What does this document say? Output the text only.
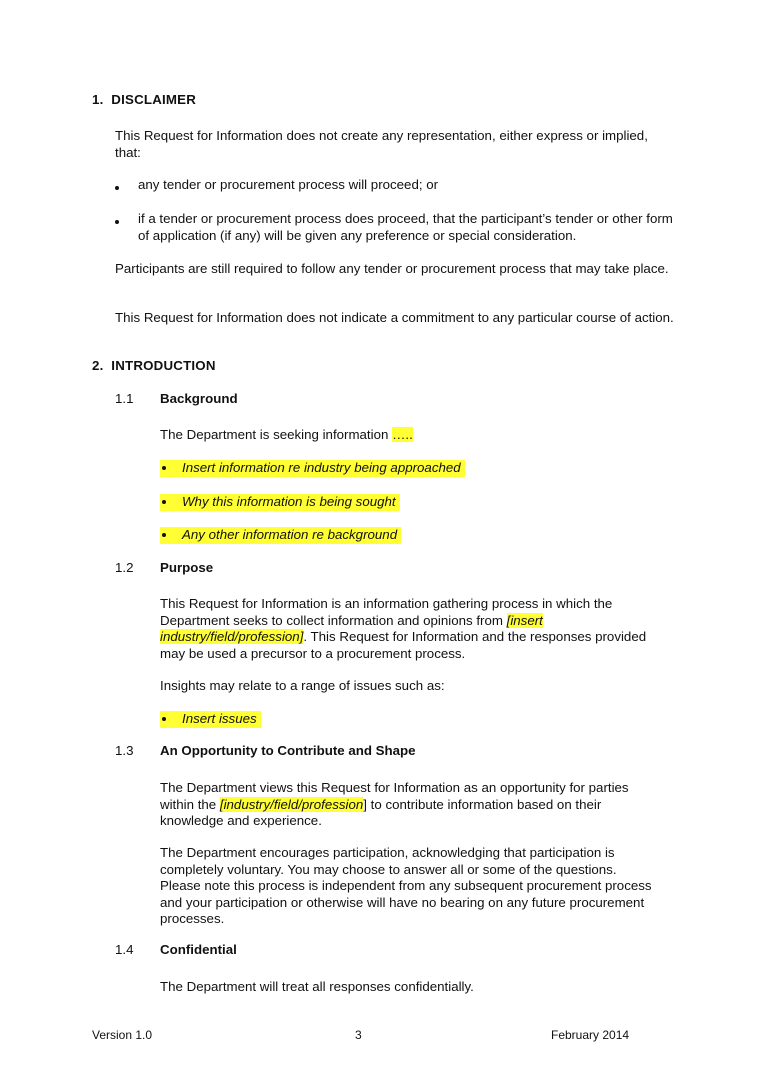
1. DISCLAIMER

This Request for Information does not create any representation, either express or implied, that:

any tender or procurement process will proceed; or

if a tender or procurement process does proceed, that the participant’s tender or other form of application (if any) will be given any preference or special consideration.

Participants are still required to follow any tender or procurement process that may take place.

This Request for Information does not indicate a commitment to any particular course of action.

2. INTRODUCTION
1.1 Background

The Department is seeking information …..

Insert information re industry being approached
Why this information is being sought
Any other information re background
1.2 Purpose

This Request for Information is an information gathering process in which the Department seeks to collect information and opinions from [insert industry/field/profession]. This Request for Information and the responses provided may be used a precursor to a procurement process.

Insights may relate to a range of issues such as:

Insert issues
1.3 An Opportunity to Contribute and Shape

The Department views this Request for Information as an opportunity for parties within the [industry/field/profession] to contribute information based on their knowledge and experience.

The Department encourages participation, acknowledging that participation is completely voluntary. You may choose to answer all or some of the questions. Please note this process is independent from any subsequent procurement process and your participation or otherwise will have no bearing on any future procurement processes.

1.4 Confidential

The Department will treat all responses confidentially.

Version 1.0	3	February 2014
